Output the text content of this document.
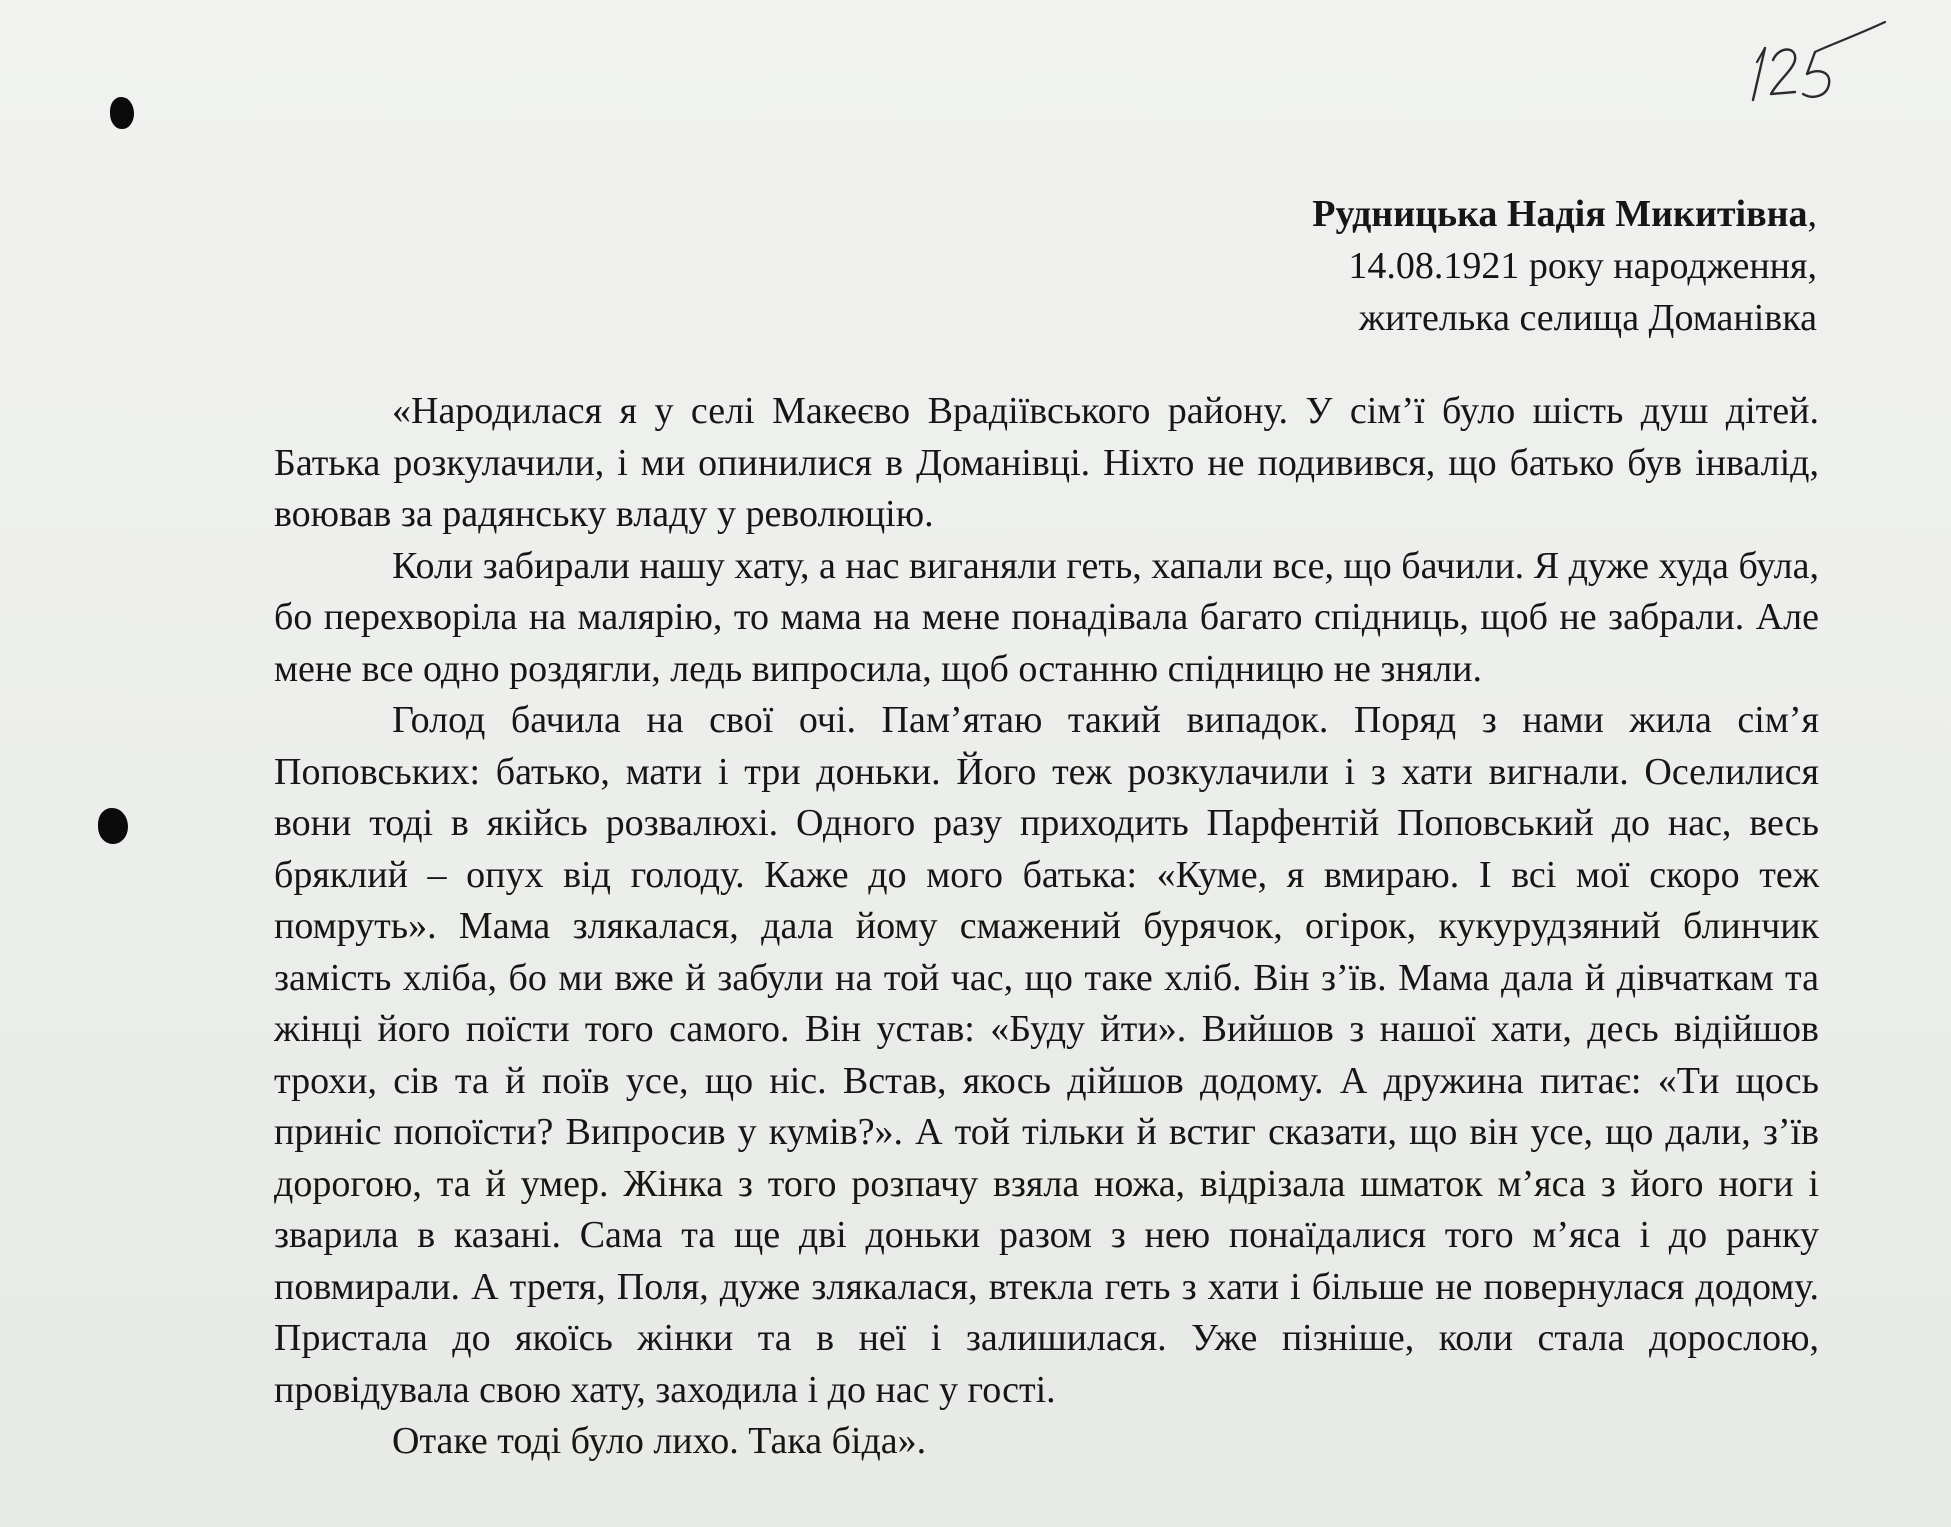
Рудницька Надія Микитівна,
14.08.1921 року народження,
жителька селища Доманівка

«Народилася я у селі Макеєво Врадіївського району. У сім’ї було шість душ дітей. Батька розкулачили, і ми опинилися в Доманівці. Ніхто не подивився, що батько був інвалід, воював за радянську владу у революцію.

Коли забирали нашу хату, а нас виганяли геть, хапали все, що бачили. Я дуже худа була, бо перехворіла на малярію, то мама на мене понадівала багато спідниць, щоб не забрали. Але мене все одно роздягли, ледь випросила, щоб останню спідницю не зняли.

Голод бачила на свої очі. Пам’ятаю такий випадок. Поряд з нами жила сім’я Поповських: батько, мати і три доньки. Його теж розкулачили і з хати вигнали. Оселилися вони тоді в якійсь розвалюхі. Одного разу приходить Парфентій Поповський до нас, весь бряклий – опух від голоду. Каже до мого батька: «Куме, я вмираю. І всі мої скоро теж помруть». Мама злякалася, дала йому смажений бурячок, огірок, кукурудзяний блинчик замість хліба, бо ми вже й забули на той час, що таке хліб. Він з’їв. Мама дала й дівчаткам та жінці його поїсти того самого. Він устав: «Буду йти». Вийшов з нашої хати, десь відійшов трохи, сів та й поїв усе, що ніс. Встав, якось дійшов додому. А дружина питає: «Ти щось приніс попоїсти? Випросив у кумів?». А той тільки й встиг сказати, що він усе, що дали, з’їв дорогою, та й умер. Жінка з того розпачу взяла ножа, відрізала шматок м’яса з його ноги і зварила в казані. Сама та ще дві доньки разом з нею понаїдалися того м’яса і до ранку повмирали. А третя, Поля, дуже злякалася, втекла геть з хати і більше не повернулася додому. Пристала до якоїсь жінки та в неї і залишилася. Уже пізніше, коли стала дорослою, провідувала свою хату, заходила і до нас у гості.

Отаке тоді було лихо. Така біда».
